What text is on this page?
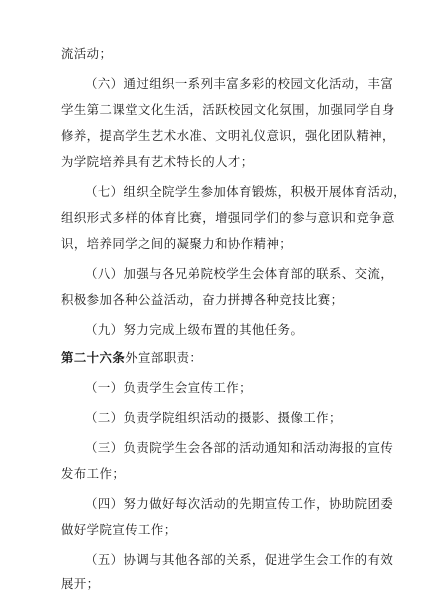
流活动；
（六）通过组织一系列丰富多彩的校园文化活动，丰富
学生第二课堂文化生活，活跃校园文化氛围，加强同学自身
修养，提高学生艺术水准、文明礼仪意识，强化团队精神，
为学院培养具有艺术特长的人才；
（七）组织全院学生参加体育锻炼，积极开展体育活动，
组织形式多样的体育比赛，增强同学们的参与意识和竞争意
识，培养同学之间的凝聚力和协作精神；
（八）加强与各兄弟院校学生会体育部的联系、交流，
积极参加各种公益活动，奋力拼搏各种竞技比赛；
（九）努力完成上级布置的其他任务。
第二十六条外宣部职责：
（一）负责学生会宣传工作；
（二）负责学院组织活动的摄影、摄像工作；
（三）负责院学生会各部的活动通知和活动海报的宣传
发布工作；
（四）努力做好每次活动的先期宣传工作，协助院团委
做好学院宣传工作；
（五）协调与其他各部的关系，促进学生会工作的有效
展开；
